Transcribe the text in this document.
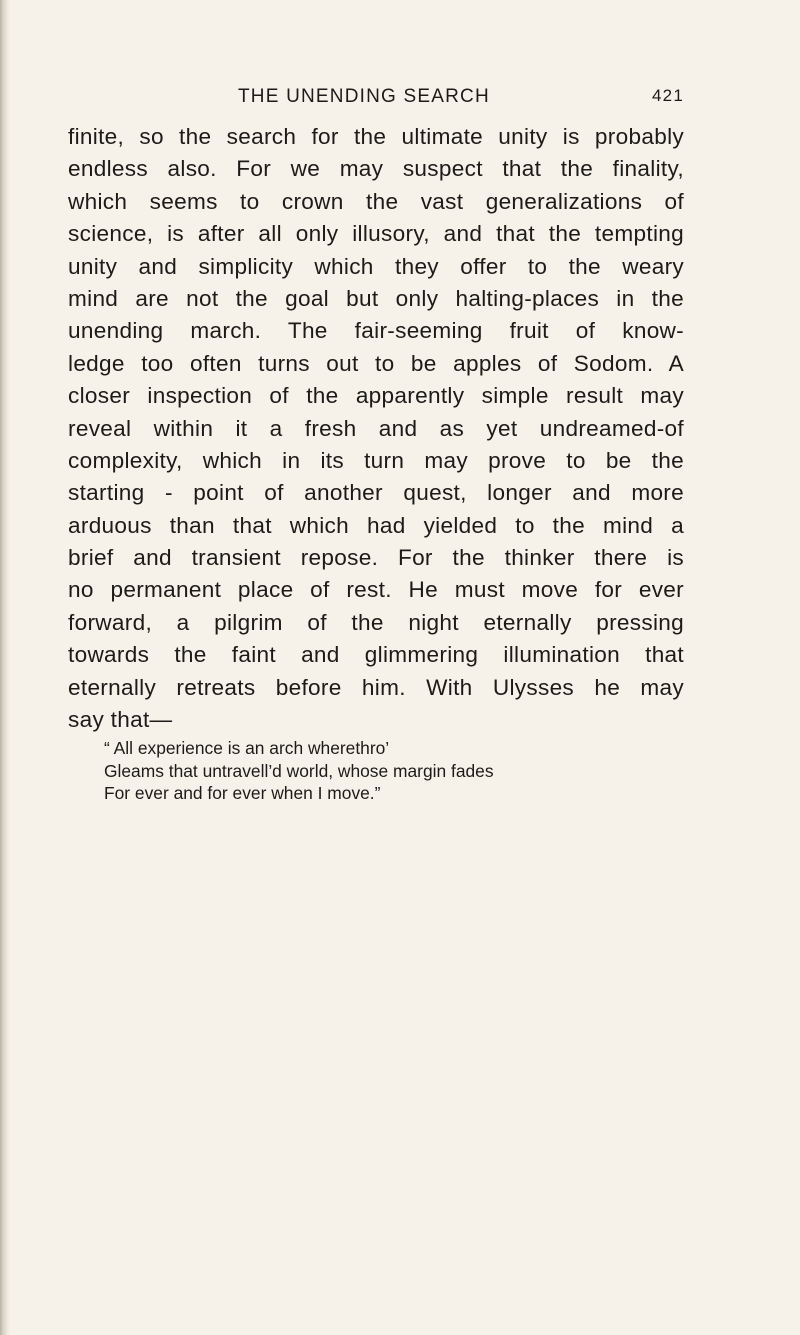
THE UNENDING SEARCH	421
finite, so the search for the ultimate unity is probably
endless also. For we may suspect that the finality,
which seems to crown the vast generalizations of
science, is after all only illusory, and that the tempting
unity and simplicity which they offer to the weary
mind are not the goal but only halting-places in the
unending march. The fair-seeming fruit of know-
ledge too often turns out to be apples of Sodom. A
closer inspection of the apparently simple result may
reveal within it a fresh and as yet undreamed-of
complexity, which in its turn may prove to be the
starting - point of another quest, longer and more
arduous than that which had yielded to the mind a
brief and transient repose. For the thinker there is
no permanent place of rest. He must move for ever
forward, a pilgrim of the night eternally pressing
towards the faint and glimmering illumination that
eternally retreats before him. With Ulysses he may
say that—
“ All experience is an arch wherethro’
Gleams that untravell’d world, whose margin fades
For ever and for ever when I move.”
